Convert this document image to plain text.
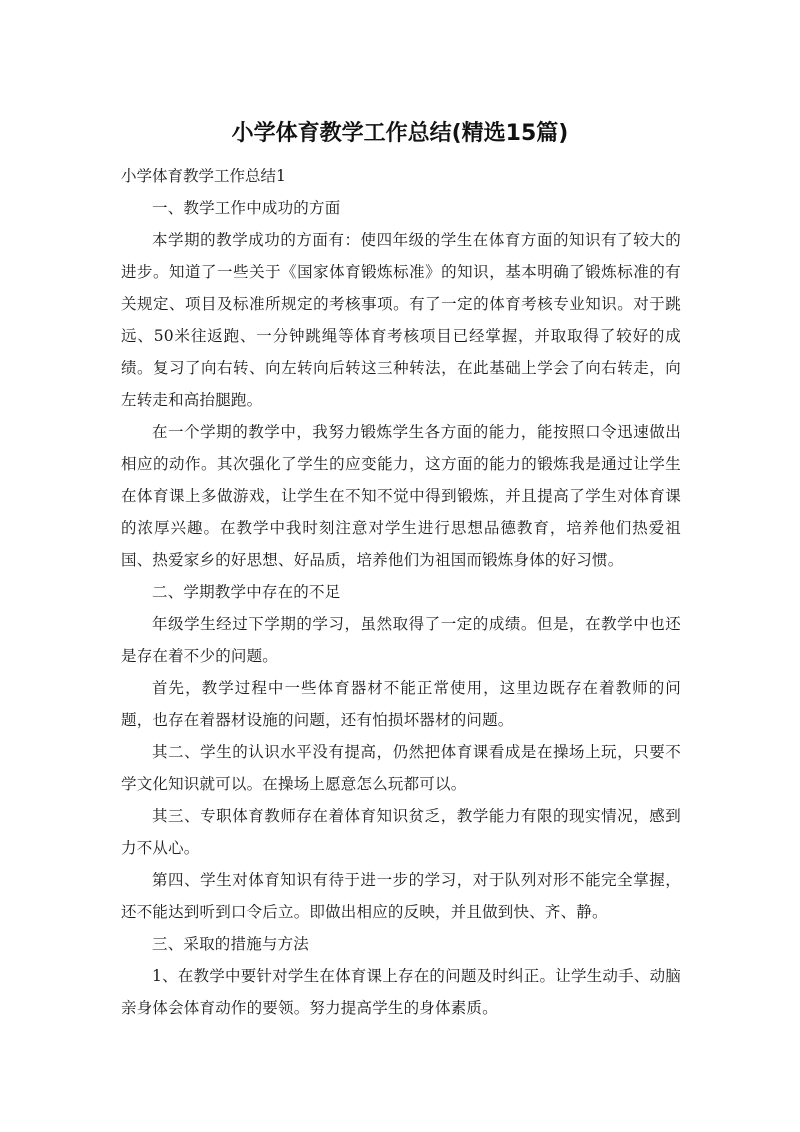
小学体育教学工作总结(精选15篇)

小学体育教学工作总结1

一、教学工作中成功的方面

本学期的教学成功的方面有：使四年级的学生在体育方面的知识有了较大的进步。知道了一些关于《国家体育锻炼标准》的知识，基本明确了锻炼标准的有关规定、项目及标准所规定的考核事项。有了一定的体育考核专业知识。对于跳远、50米往返跑、一分钟跳绳等体育考核项目已经掌握，并取取得了较好的成绩。复习了向右转、向左转向后转这三种转法，在此基础上学会了向右转走，向左转走和高抬腿跑。

在一个学期的教学中，我努力锻炼学生各方面的能力，能按照口令迅速做出相应的动作。其次强化了学生的应变能力，这方面的能力的锻炼我是通过让学生在体育课上多做游戏，让学生在不知不觉中得到锻炼，并且提高了学生对体育课的浓厚兴趣。在教学中我时刻注意对学生进行思想品德教育，培养他们热爱祖国、热爱家乡的好思想、好品质，培养他们为祖国而锻炼身体的好习惯。

二、学期教学中存在的不足

年级学生经过下学期的学习，虽然取得了一定的成绩。但是，在教学中也还是存在着不少的问题。

首先，教学过程中一些体育器材不能正常使用，这里边既存在着教师的问题，也存在着器材设施的问题，还有怕损坏器材的问题。

其二、学生的认识水平没有提高，仍然把体育课看成是在操场上玩，只要不学文化知识就可以。在操场上愿意怎么玩都可以。

其三、专职体育教师存在着体育知识贫乏，教学能力有限的现实情况，感到力不从心。

第四、学生对体育知识有待于进一步的学习，对于队列对形不能完全掌握，还不能达到听到口令后立。即做出相应的反映，并且做到快、齐、静。

三、采取的措施与方法

1、在教学中要针对学生在体育课上存在的问题及时纠正。让学生动手、动脑亲身体会体育动作的要领。努力提高学生的身体素质。
